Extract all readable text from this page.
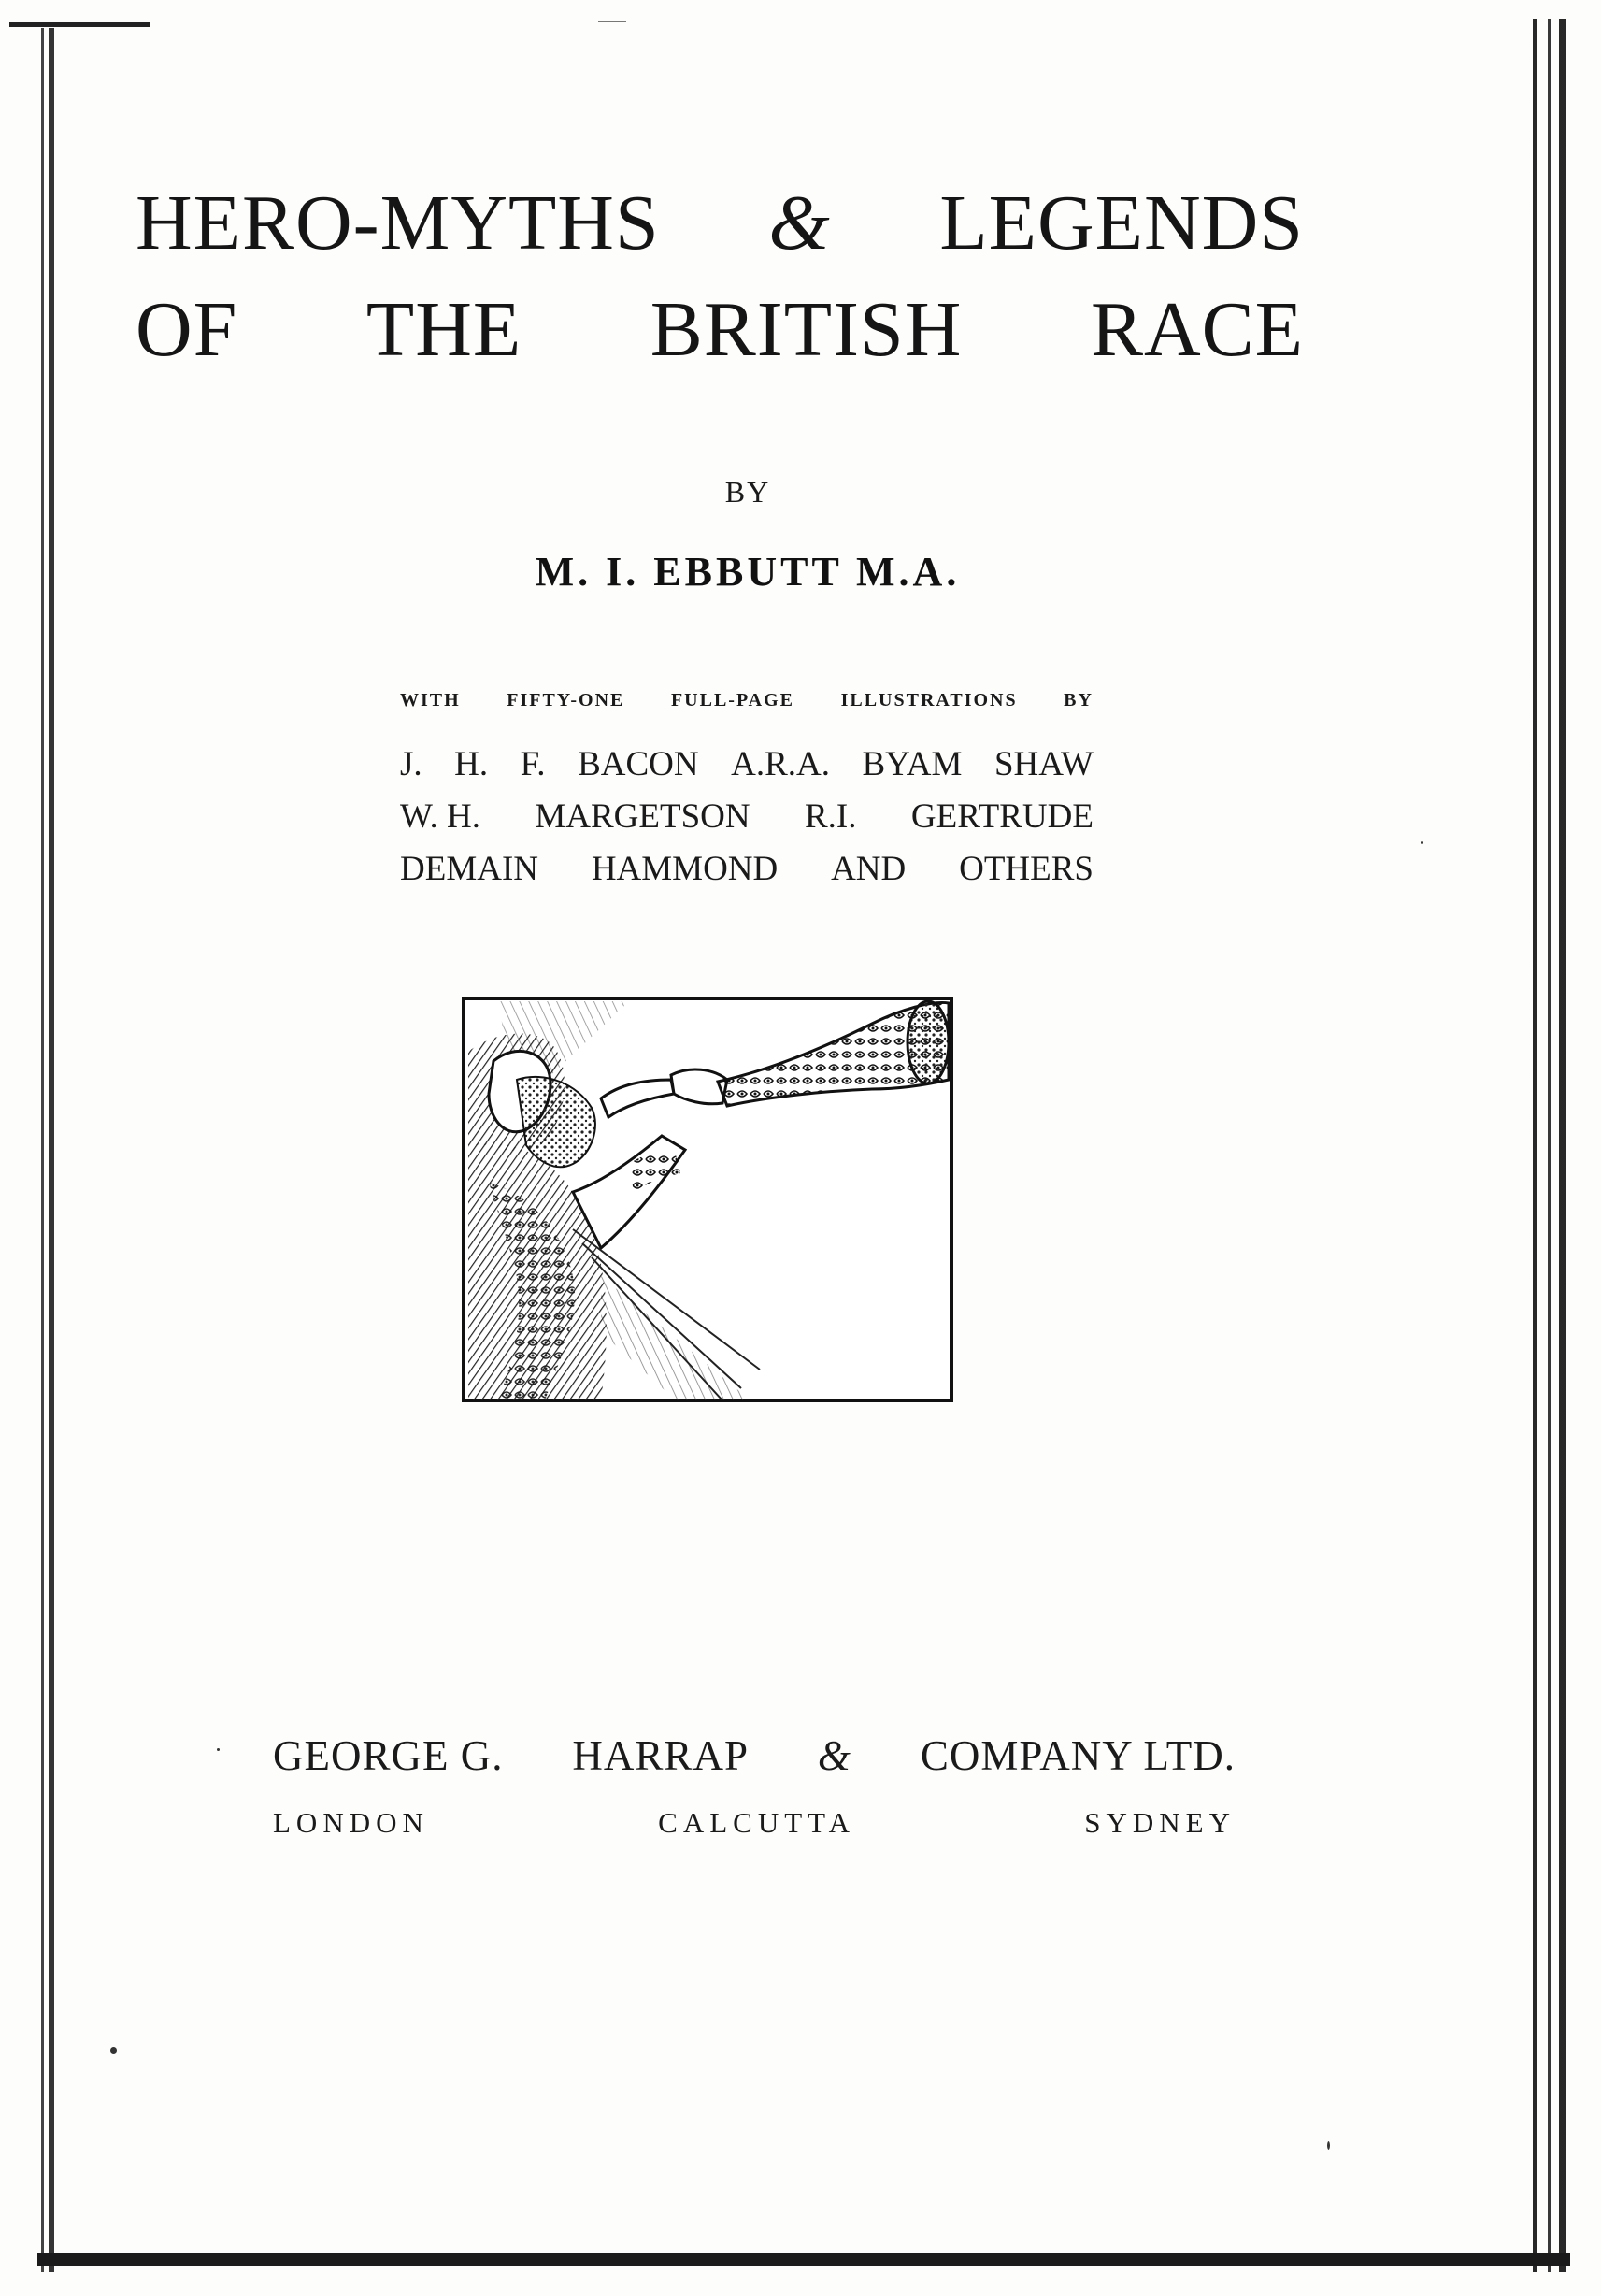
HERO-MYTHS & LEGENDS
OF THE BRITISH RACE
BY
M. I. EBBUTT M.A.
WITH FIFTY-ONE FULL-PAGE ILLUSTRATIONS BY
J. H. F. BACON A.R.A. BYAM SHAW
W. H. MARGETSON R.I. GERTRUDE
DEMAIN HAMMOND AND OTHERS
GEORGE G. HARRAP & COMPANY LTD.
LONDON	CALCUTTA	SYDNEY
